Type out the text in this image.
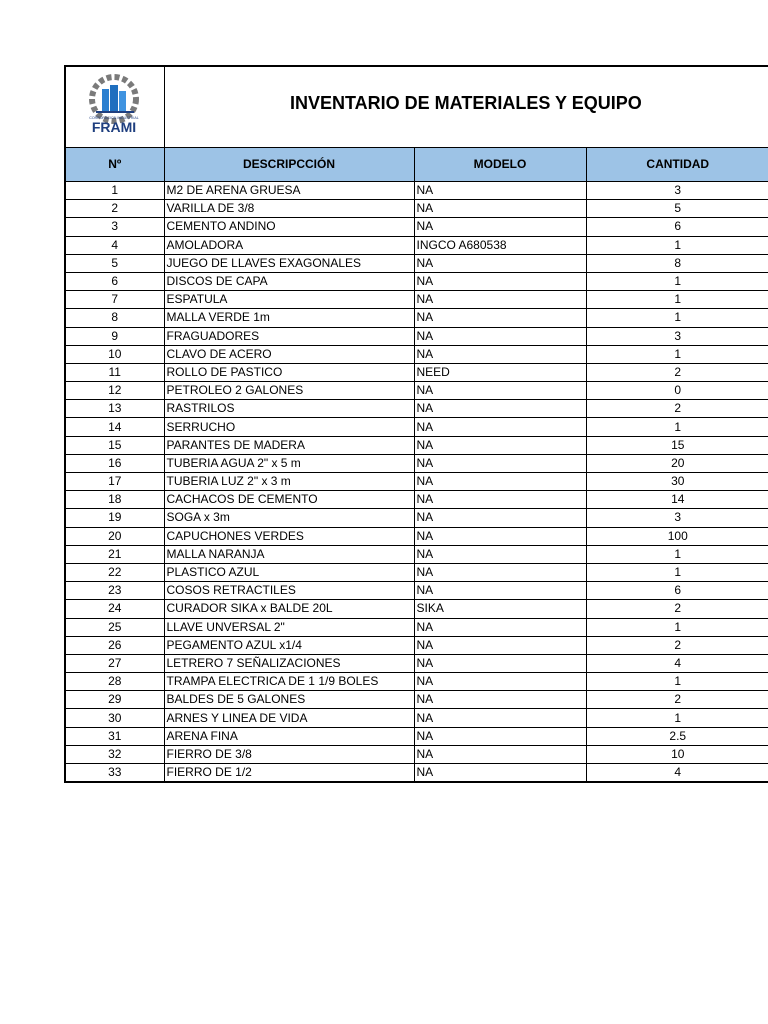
CORPORACION INDUSTRIAL
FRAMI
INVENTARIO DE MATERIALES Y EQUIPO
Nº	DESCRIPCCIÓN	MODELO	CANTIDAD
1	M2 DE ARENA GRUESA	NA	3
2	VARILLA DE 3/8	NA	5
3	CEMENTO ANDINO	NA	6
4	AMOLADORA	INGCO A680538	1
5	JUEGO DE LLAVES EXAGONALES	NA	8
6	DISCOS DE CAPA	NA	1
7	ESPATULA	NA	1
8	MALLA VERDE 1m	NA	1
9	FRAGUADORES	NA	3
10	CLAVO DE ACERO	NA	1
11	ROLLO DE PASTICO	NEED	2
12	PETROLEO 2 GALONES	NA	0
13	RASTRILOS	NA	2
14	SERRUCHO	NA	1
15	PARANTES DE MADERA	NA	15
16	TUBERIA AGUA 2" x 5 m	NA	20
17	TUBERIA LUZ 2" x 3 m	NA	30
18	CACHACOS DE CEMENTO	NA	14
19	SOGA x 3m	NA	3
20	CAPUCHONES VERDES	NA	100
21	MALLA NARANJA	NA	1
22	PLASTICO AZUL	NA	1
23	COSOS RETRACTILES	NA	6
24	CURADOR SIKA x BALDE 20L	SIKA	2
25	LLAVE UNVERSAL 2"	NA	1
26	PEGAMENTO AZUL x1/4	NA	2
27	LETRERO 7 SEÑALIZACIONES	NA	4
28	TRAMPA ELECTRICA DE 1 1/9 BOLES	NA	1
29	BALDES DE 5 GALONES	NA	2
30	ARNES Y LINEA DE VIDA	NA	1
31	ARENA FINA	NA	2.5
32	FIERRO DE 3/8	NA	10
33	FIERRO DE 1/2	NA	4
